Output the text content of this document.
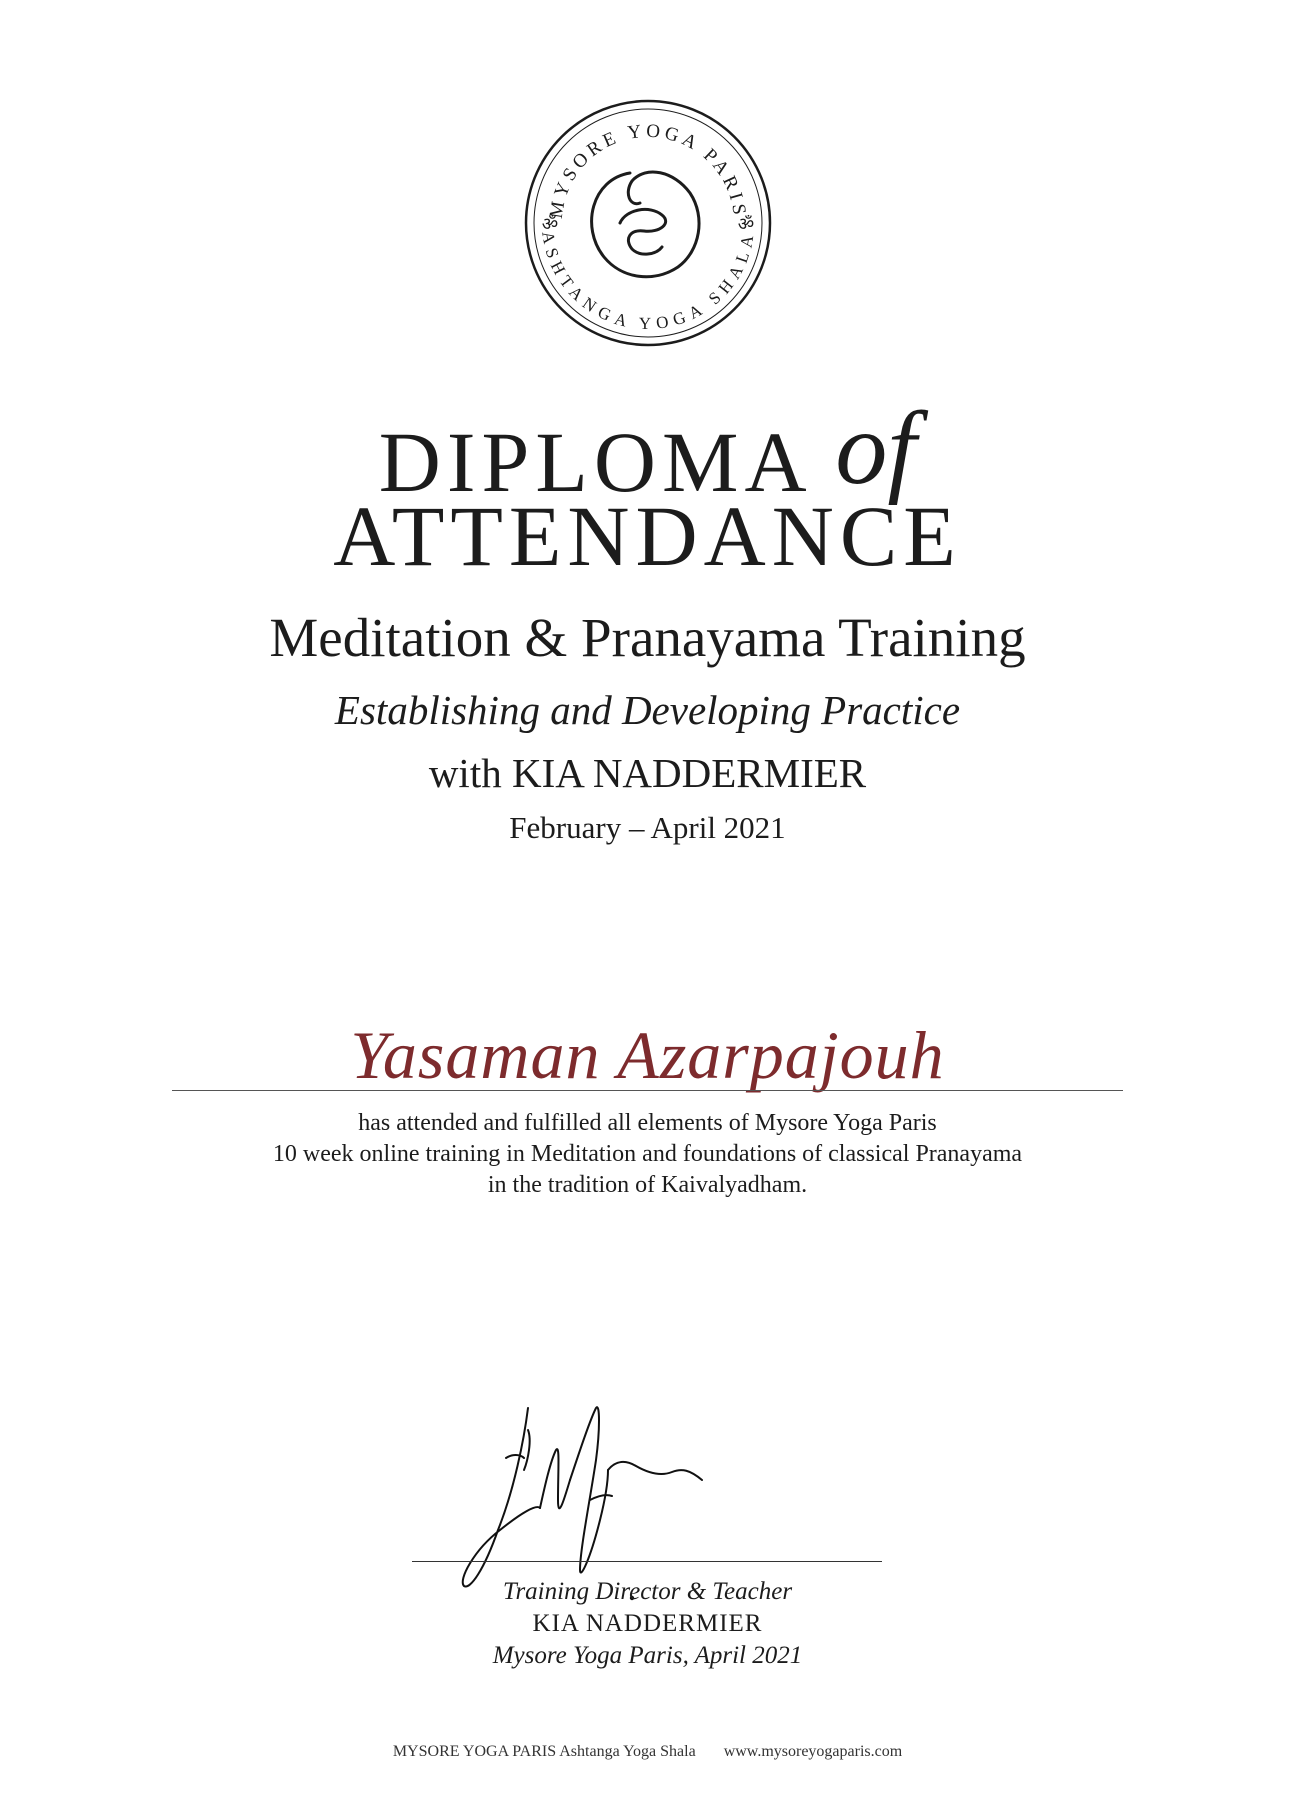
MYSORE YOGA PARIS
ASHTANGA YOGA SHALA
ॐ	ॐ
DIPLOMA of
ATTENDANCE
Meditation & Pranayama Training
Establishing and Developing Practice
with KIA NADDERMIER
February – April 2021
Yasaman Azarpajouh
has attended and fulfilled all elements of Mysore Yoga Paris
10 week online training in Meditation and foundations of classical Pranayama
in the tradition of Kaivalyadham.
Training Director & Teacher
KIA NADDERMIER
Mysore Yoga Paris, April 2021
MYSORE YOGA PARIS Ashtanga Yoga Shala www.mysoreyogaparis.com
